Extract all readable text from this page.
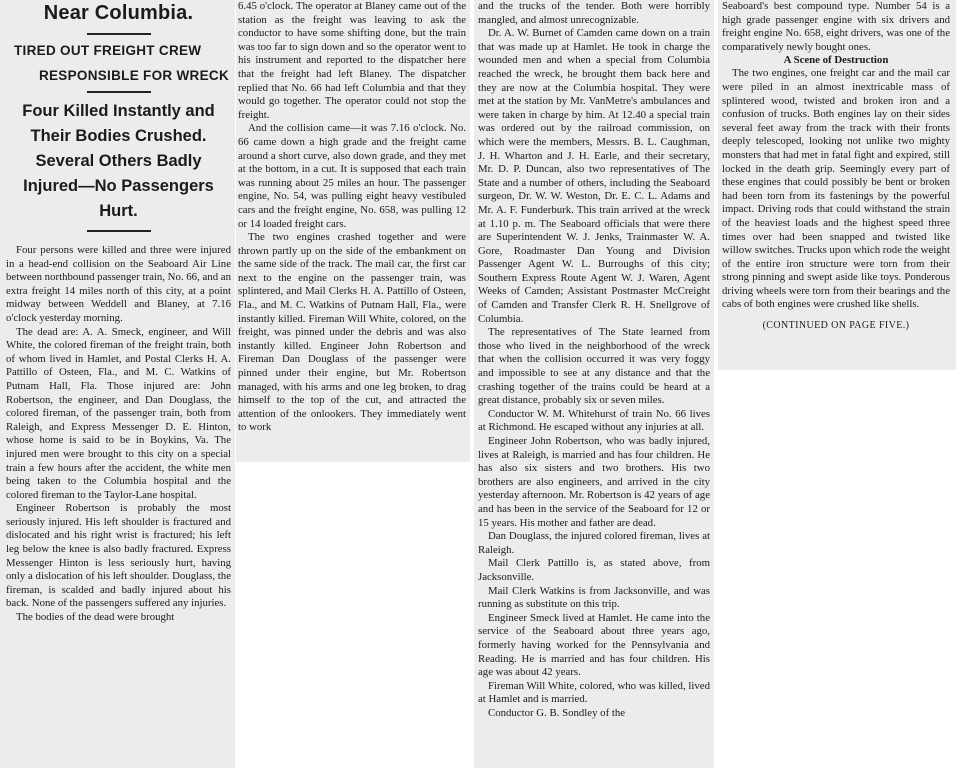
Near Columbia.
TIRED OUT FREIGHT CREW
RESPONSIBLE FOR WRECK
Four Killed Instantly and Their Bodies Crushed. Several Others Badly Injured—No Passengers Hurt.

Four persons were killed and three were injured in a head-end collision on the Seaboard Air Line between northbound passenger train, No. 66, and an extra freight 14 miles north of this city, at a point midway between Weddell and Blaney, at 7.16 o'clock yesterday morning.

The dead are: A. A. Smeck, engineer, and Will White, the colored fireman of the freight train, both of whom lived in Hamlet, and Postal Clerks H. A. Pattillo of Osteen, Fla., and M. C. Watkins of Putnam Hall, Fla. Those injured are: John Robertson, the engineer, and Dan Douglass, the colored fireman, of the passenger train, both from Raleigh, and Express Messenger D. E. Hinton, whose home is said to be in Boykins, Va. The injured men were brought to this city on a special train a few hours after the accident, the white men being taken to the Columbia hospital and the colored fireman to the Taylor-Lane hospital.

Engineer Robertson is probably the most seriously injured. His left shoulder is fractured and dislocated and his right wrist is fractured; his left leg below the knee is also badly fractured. Express Messenger Hinton is less seriously hurt, having only a dislocation of his left shoulder. Douglass, the fireman, is scalded and badly injured about his back. None of the passengers suffered any injuries.

The bodies of the dead were brought

6.45 o'clock. The operator at Blaney came out of the station as the freight was leaving to ask the conductor to have some shifting done, but the train was too far to sign down and so the operator went to his instrument and reported to the dispatcher here that the freight had left Blaney. The dispatcher replied that No. 66 had left Columbia and that they would go together. The operator could not stop the freight.

And the collision came—it was 7.16 o'clock. No. 66 came down a high grade and the freight came around a short curve, also down grade, and they met at the bottom, in a cut. It is supposed that each train was running about 25 miles an hour. The passenger engine, No. 54, was pulling eight heavy vestibuled cars and the freight engine, No. 658, was pulling 12 or 14 loaded freight cars.

The two engines crashed together and were thrown partly up on the side of the embankment on the same side of the track. The mail car, the first car next to the engine on the passenger train, was splintered, and Mail Clerks H. A. Pattillo of Osteen, Fla., and M. C. Watkins of Putnam Hall, Fla., were instantly killed. Fireman Will White, colored, on the freight, was pinned under the debris and was also instantly killed. Engineer John Robertson and Fireman Dan Douglass of the passenger were pinned under their engine, but Mr. Robertson managed, with his arms and one leg broken, to drag himself to the top of the cut, and attracted the attention of the onlookers. They immediately went to work

and the trucks of the tender. Both were horribly mangled, and almost unrecognizable.

Dr. A. W. Burnet of Camden came down on a train that was made up at Hamlet. He took in charge the wounded men and when a special from Columbia reached the wreck, he brought them back here and they are now at the Columbia hospital. They were met at the station by Mr. VanMetre's ambulances and were taken in charge by him. At 12.40 a special train was ordered out by the railroad commission, on which were the members, Messrs. B. L. Caughman, J. H. Wharton and J. H. Earle, and their secretary, Mr. D. P. Duncan, also two representatives of The State and a number of others, including the Seaboard surgeon, Dr. W. W. Weston, Dr. E. C. L. Adams and Mr. A. F. Funderburk. This train arrived at the wreck at 1.10 p. m. The Seaboard officials that were there are Superintendent W. J. Jenks, Trainmaster W. A. Gore, Roadmaster Dan Young and Division Passenger Agent W. L. Burroughs of this city; Southern Express Route Agent W. J. Waren, Agent Weeks of Camden; Assistant Postmaster McCreight of Camden and Transfer Clerk R. H. Snellgrove of Columbia.

The representatives of The State learned from those who lived in the neighborhood of the wreck that when the collision occurred it was very foggy and impossible to see at any distance and that the crashing together of the trains could be heard at a great distance, probably six or seven miles.

Conductor W. M. Whitehurst of train No. 66 lives at Richmond. He escaped without any injuries at all.

Engineer John Robertson, who was badly injured, lives at Raleigh, is married and has four children. He has also six sisters and two brothers. His two brothers are also engineers, and arrived in the city yesterday afternoon. Mr. Robertson is 42 years of age and has been in the service of the Seaboard for 12 or 15 years. His mother and father are dead.

Dan Douglass, the injured colored fireman, lives at Raleigh.

Mail Clerk Pattillo is, as stated above, from Jacksonville.

Mail Clerk Watkins is from Jacksonville, and was running as substitute on this trip.

Engineer Smeck lived at Hamlet. He came into the service of the Seaboard about three years ago, formerly having worked for the Pennsylvania and Reading. He is married and has four children. His age was about 42 years.

Fireman Will White, colored, who was killed, lived at Hamlet and is married.

Conductor G. B. Sondley of the

Seaboard's best compound type. Number 54 is a high grade passenger engine with six drivers and freight engine No. 658, eight drivers, was one of the comparatively newly bought ones.

A Scene of Destruction

The two engines, one freight car and the mail car were piled in an almost inextricable mass of splintered wood, twisted and broken iron and a confusion of trucks. Both engines lay on their sides several feet away from the track with their fronts deeply telescoped, looking not unlike two mighty monsters that had met in fatal fight and expired, still locked in the death grip. Seemingly every part of these engines that could possibly be bent or broken had been torn from its fastenings by the powerful impact. Driving rods that could withstand the strain of the heaviest loads and the highest speed three times over had been snapped and twisted like willow switches. Trucks upon which rode the weight of the entire iron structure were torn from their strong pinning and swept aside like toys. Ponderous driving wheels were torn from their bearings and the cabs of both engines were crushed like shells.

(CONTINUED ON PAGE FIVE.)
